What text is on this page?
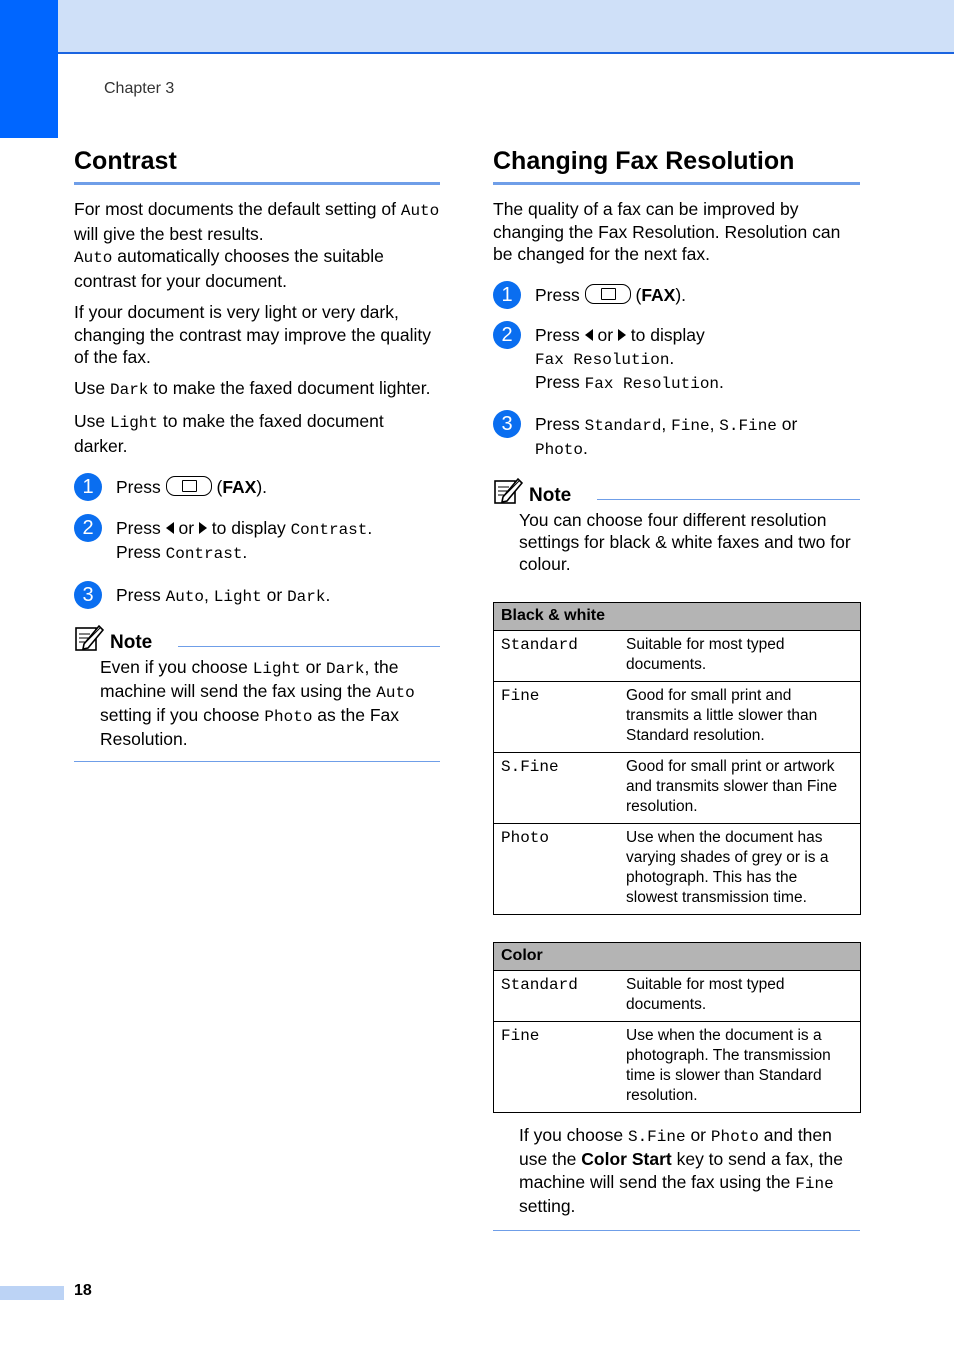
Chapter 3
Contrast

For most documents the default setting of Auto will give the best results.
Auto automatically chooses the suitable contrast for your document.

If your document is very light or very dark, changing the contrast may improve the quality of the fax.

Use Dark to make the faxed document lighter.

Use Light to make the faxed document darker.

1	Press	(FAX).
2	Press  or  to display Contrast.
Press Contrast.
3	Press Auto, Light or Dark.
Note

Even if you choose Light or Dark, the machine will send the fax using the Auto setting if you choose Photo as the Fax Resolution.

Changing Fax Resolution

The quality of a fax can be improved by changing the Fax Resolution. Resolution can be changed for the next fax.

1	Press	(FAX).
2	Press  or  to display
Fax Resolution.
Press Fax Resolution.
3	Press Standard, Fine, S.Fine or
Photo.
Note

You can choose four different resolution settings for black & white faxes and two for colour.

Black & white	
Standard	Suitable for most typed documents.
Fine	Good for small print and transmits a little slower than Standard resolution.
S.Fine	Good for small print or artwork and transmits slower than Fine resolution.
Photo	Use when the document has varying shades of grey or is a photograph. This has the slowest transmission time.
Color	
Standard	Suitable for most typed documents.
Fine	Use when the document is a photograph. The transmission time is slower than Standard resolution.

If you choose S.Fine or Photo and then use the Color Start key to send a fax, the machine will send the fax using the Fine setting.

18
